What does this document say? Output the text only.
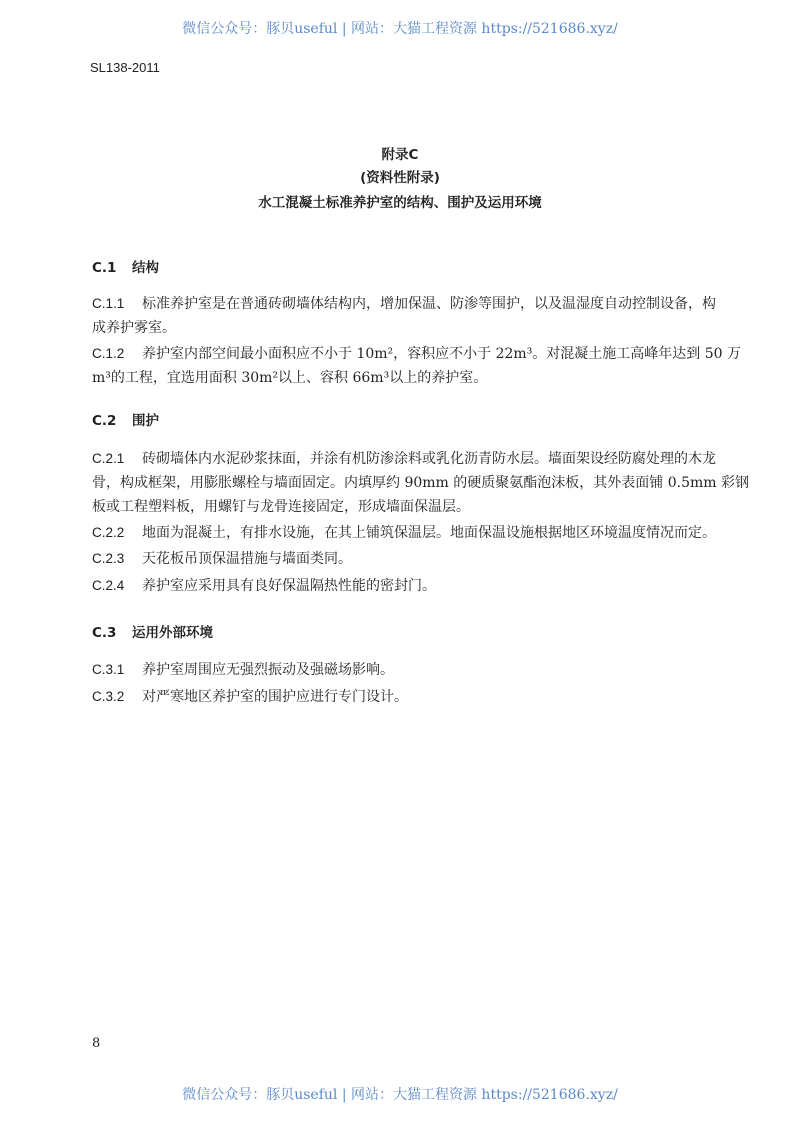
微信公众号：豚贝useful | 网站：大猫工程资源 https://521686.xyz/
SL138-2011
附录C
(资料性附录)
水工混凝土标准养护室的结构、围护及运用环境
C.1 结构
C.1.1 标准养护室是在普通砖砌墙体结构内，增加保温、防渗等围护，以及温湿度自动控制设备，构
成养护雾室。
C.1.2 养护室内部空间最小面积应不小于 10m²，容积应不小于 22m³。对混凝土施工高峰年达到 50 万
m³的工程，宜选用面积 30m²以上、容积 66m³以上的养护室。
C.2 围护
C.2.1 砖砌墙体内水泥砂浆抹面，并涂有机防渗涂料或乳化沥青防水层。墙面架设经防腐处理的木龙
骨，构成框架，用膨胀螺栓与墙面固定。内填厚约 90mm 的硬质聚氨酯泡沫板，其外表面铺 0.5mm 彩钢
板或工程塑料板，用螺钉与龙骨连接固定，形成墙面保温层。
C.2.2 地面为混凝土，有排水设施，在其上铺筑保温层。地面保温设施根据地区环境温度情况而定。
C.2.3 天花板吊顶保温措施与墙面类同。
C.2.4 养护室应采用具有良好保温隔热性能的密封门。
C.3 运用外部环境
C.3.1 养护室周围应无强烈振动及强磁场影响。
C.3.2 对严寒地区养护室的围护应进行专门设计。
8
微信公众号：豚贝useful | 网站：大猫工程资源 https://521686.xyz/
